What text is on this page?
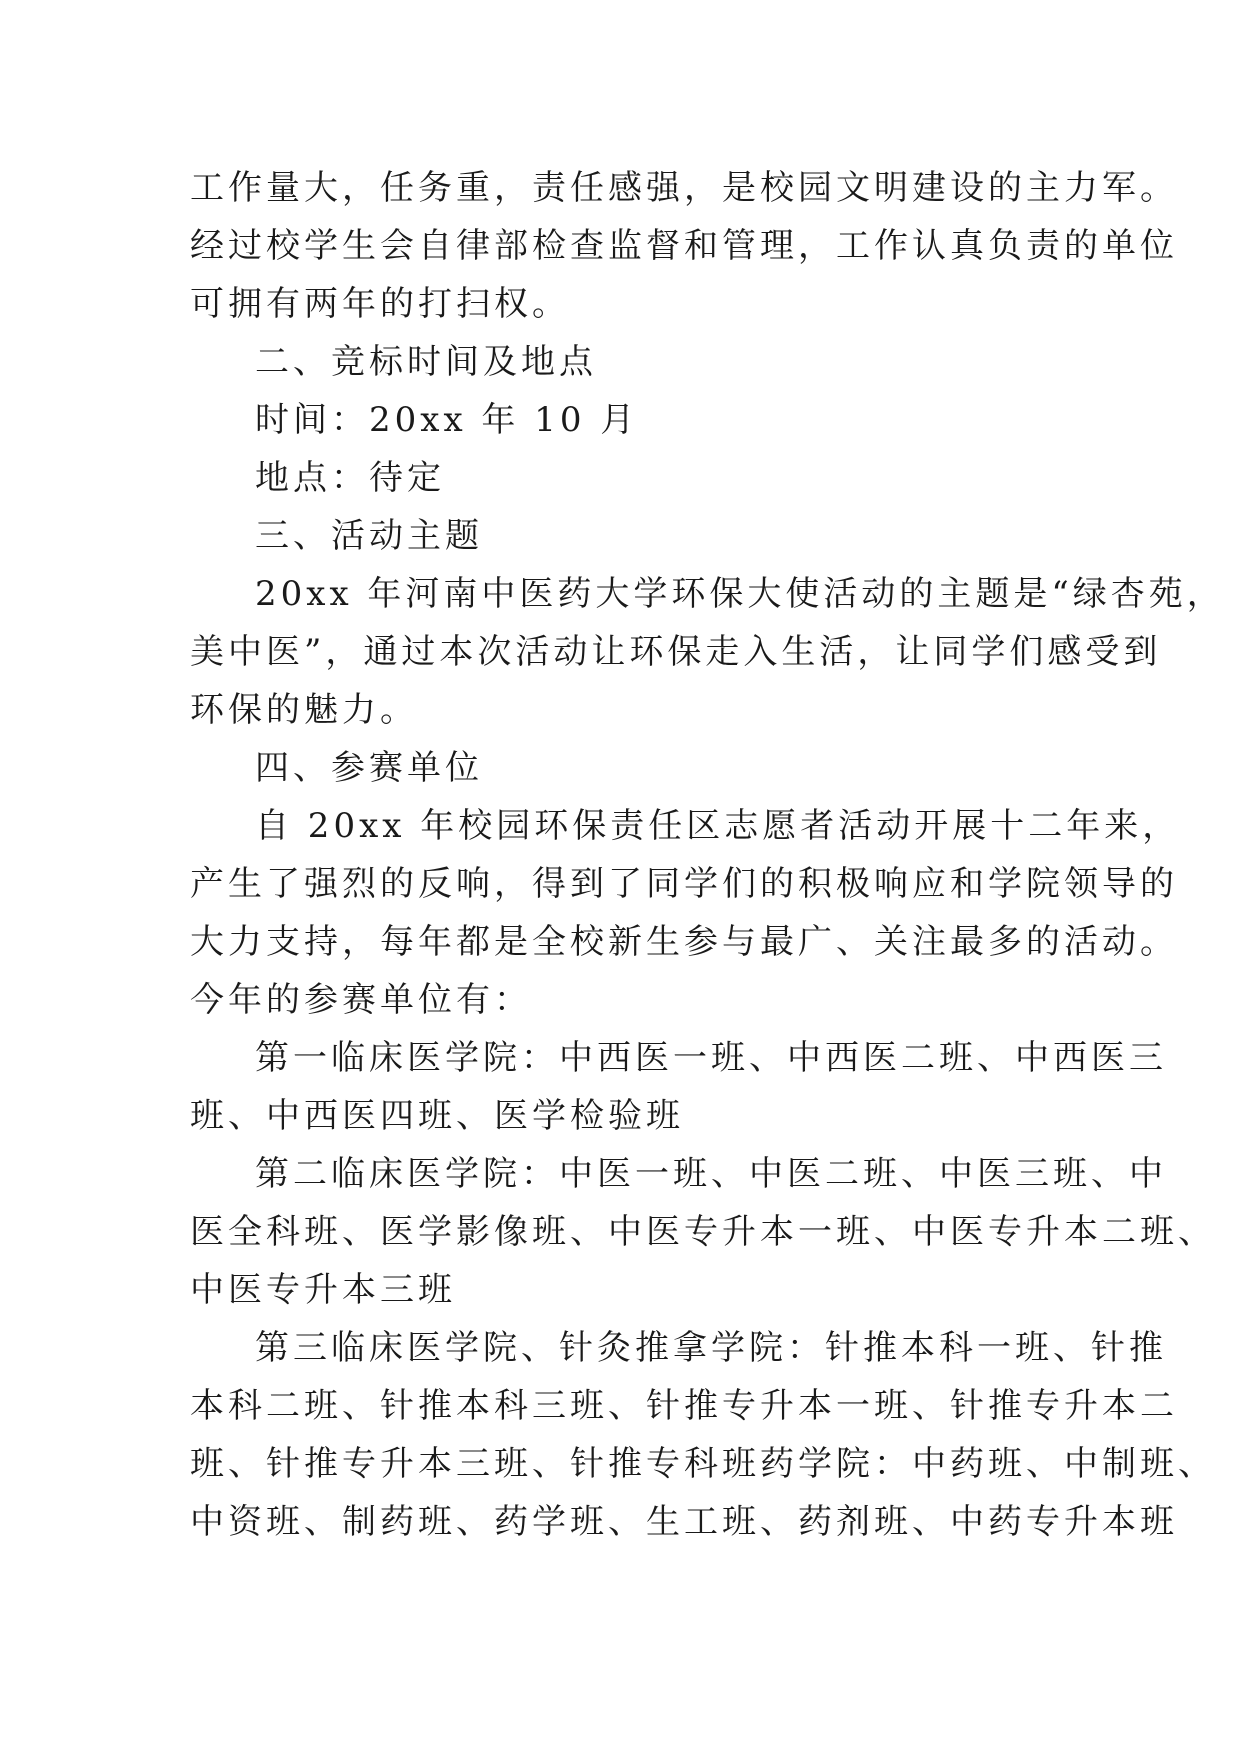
工作量大，任务重，责任感强，是校园文明建设的主力军。
经过校学生会自律部检查监督和管理，工作认真负责的单位
可拥有两年的打扫权。
二、竞标时间及地点
时间：20xx 年 10 月
地点：待定
三、活动主题
20xx 年河南中医药大学环保大使活动的主题是“绿杏苑，
美中医”，通过本次活动让环保走入生活，让同学们感受到
环保的魅力。
四、参赛单位
自 20xx 年校园环保责任区志愿者活动开展十二年来，
产生了强烈的反响，得到了同学们的积极响应和学院领导的
大力支持，每年都是全校新生参与最广、关注最多的活动。
今年的参赛单位有：
第一临床医学院：中西医一班、中西医二班、中西医三
班、中西医四班、医学检验班
第二临床医学院：中医一班、中医二班、中医三班、中
医全科班、医学影像班、中医专升本一班、中医专升本二班、
中医专升本三班
第三临床医学院、针灸推拿学院：针推本科一班、针推
本科二班、针推本科三班、针推专升本一班、针推专升本二
班、针推专升本三班、针推专科班药学院：中药班、中制班、
中资班、制药班、药学班、生工班、药剂班、中药专升本班
